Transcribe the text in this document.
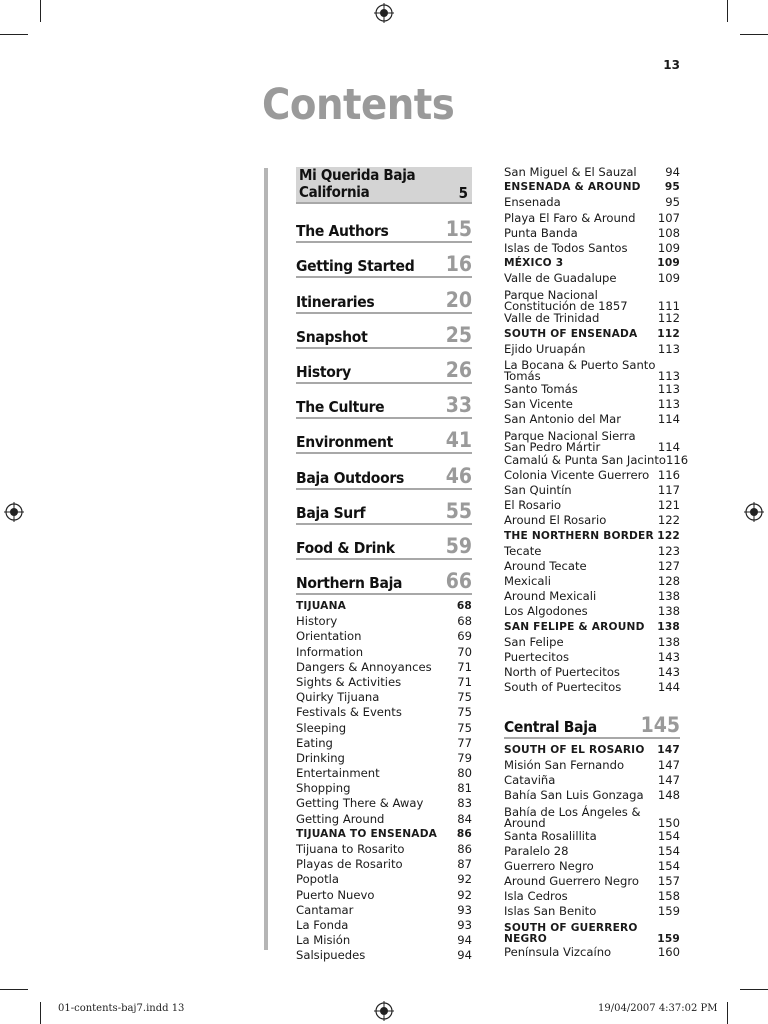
13
Contents
Mi Querida Baja California	5
The Authors	15
Getting Started 16
Itineraries	20
Snapshot	25
History	26
The Culture	33
Environment	41
Baja Outdoors 46
Baja Surf	55
Food & Drink 59
Northern Baja 66
TIJUANA	68
History	68
Orientation	69
Information	70
Dangers & Annoyances 71
Sights & Activities	71
Quirky Tijuana	75
Festivals & Events	75
Sleeping	75
Eating	77
Drinking	79
Entertainment	80
Shopping	81
Getting There & Away	83
Getting Around	84
TIJUANA TO ENSENADA 86
Tijuana to Rosarito	86
Playas de Rosarito	87
Popotla	92
Puerto Nuevo	92
Cantamar	93
La Fonda	93
La Misión	94
Salsipuedes	94
San Miguel & El Sauzal 94
ENSENADA & AROUND 95
Ensenada	95
Playa El Faro & Around 107
Punta Banda	108
Islas de Todos Santos	109
MÉXICO 3	109
Valle de Guadalupe	109
Parque Nacional Constitución de 1857	111
Valle de Trinidad	112
SOUTH OF ENSENADA 112
Ejido Uruapán	113
La Bocana & Puerto Santo Tomás	113
Santo Tomás	113
San Vicente	113
San Antonio del Mar	114
Parque Nacional Sierra San Pedro Mártir	114
Camalú & Punta San Jacinto 116
Colonia Vicente Guerrero 116
San Quintín	117
El Rosario	121
Around El Rosario	122
THE NORTHERN BORDER 122
Tecate	123
Around Tecate	127
Mexicali	128
Around Mexicali	138
Los Algodones	138
SAN FELIPE & AROUND 138
San Felipe	138
Puertecitos	143
North of Puertecitos	143
South of Puertecitos	144
Central Baja 145
SOUTH OF EL ROSARIO 147
Misión San Fernando	147
Cataviña	147
Bahía San Luis Gonzaga 148
Bahía de Los Ángeles & Around	150
Santa Rosalillita	154
Paralelo 28	154
Guerrero Negro	154
Around Guerrero Negro 157
Isla Cedros	158
Islas San Benito	159
SOUTH OF GUERRERO NEGRO	159
Península Vizcaíno	160
01-contents-baj7.indd 13	19/04/2007 4:37:02 PM
